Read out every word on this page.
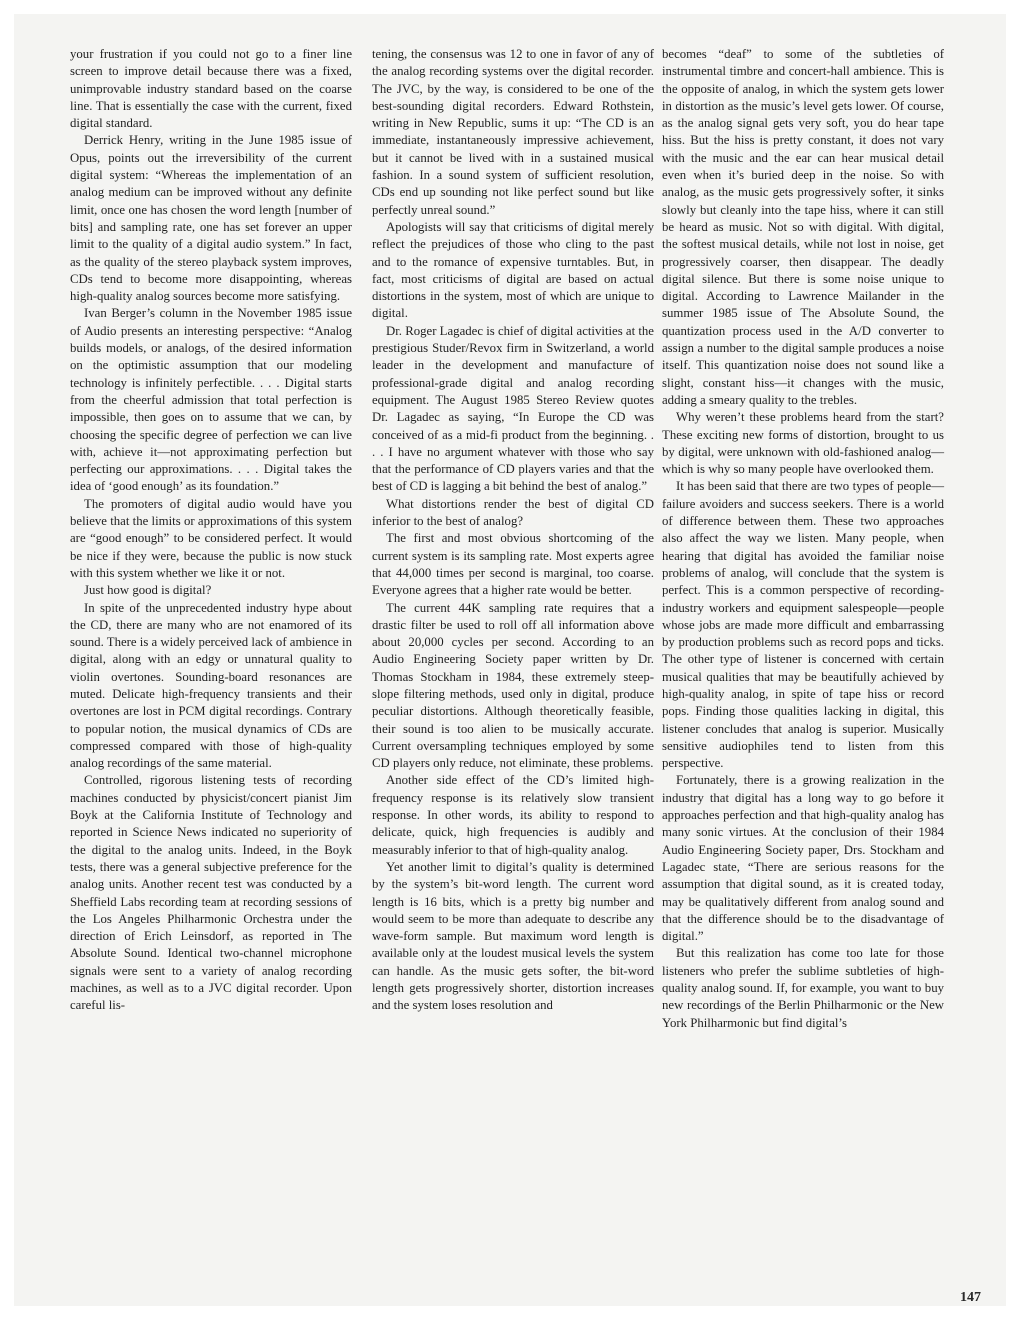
your frustration if you could not go to a finer line screen to improve detail because there was a fixed, unimprovable industry standard based on the coarse line. That is essentially the case with the current, fixed digital standard.

Derrick Henry, writing in the June 1985 issue of Opus, points out the irreversibility of the current digital system: “Whereas the implementation of an analog medium can be improved without any definite limit, once one has chosen the word length [number of bits] and sampling rate, one has set forever an upper limit to the quality of a digital audio system.” In fact, as the quality of the stereo playback system improves, CDs tend to become more disappointing, whereas high-quality analog sources become more satisfying.

Ivan Berger’s column in the November 1985 issue of Audio presents an interesting perspective: “Analog builds models, or analogs, of the desired information on the optimistic assumption that our modeling technology is infinitely perfectible. . . . Digital starts from the cheerful admission that total perfection is impossible, then goes on to assume that we can, by choosing the specific degree of perfection we can live with, achieve it—not approximating perfection but perfecting our approximations. . . . Digital takes the idea of ‘good enough’ as its foundation.”

The promoters of digital audio would have you believe that the limits or approximations of this system are “good enough” to be considered perfect. It would be nice if they were, because the public is now stuck with this system whether we like it or not.

Just how good is digital?

In spite of the unprecedented industry hype about the CD, there are many who are not enamored of its sound. There is a widely perceived lack of ambience in digital, along with an edgy or unnatural quality to violin overtones. Sounding-board resonances are muted. Delicate high-frequency transients and their overtones are lost in PCM digital recordings. Contrary to popular notion, the musical dynamics of CDs are compressed compared with those of high-quality analog recordings of the same material.

Controlled, rigorous listening tests of recording machines conducted by physicist/concert pianist Jim Boyk at the California Institute of Technology and reported in Science News indicated no superiority of the digital to the analog units. Indeed, in the Boyk tests, there was a general subjective preference for the analog units. Another recent test was conducted by a Sheffield Labs recording team at recording sessions of the Los Angeles Philharmonic Orchestra under the direction of Erich Leinsdorf, as reported in The Absolute Sound. Identical two-channel microphone signals were sent to a variety of analog recording machines, as well as to a JVC digital recorder. Upon careful lis-

tening, the consensus was 12 to one in favor of any of the analog recording systems over the digital recorder. The JVC, by the way, is considered to be one of the best-sounding digital recorders. Edward Rothstein, writing in New Republic, sums it up: “The CD is an immediate, instantaneously impressive achievement, but it cannot be lived with in a sustained musical fashion. In a sound system of sufficient resolution, CDs end up sounding not like perfect sound but like perfectly unreal sound.”

Apologists will say that criticisms of digital merely reflect the prejudices of those who cling to the past and to the romance of expensive turntables. But, in fact, most criticisms of digital are based on actual distortions in the system, most of which are unique to digital.

Dr. Roger Lagadec is chief of digital activities at the prestigious Studer/Revox firm in Switzerland, a world leader in the development and manufacture of professional-grade digital and analog recording equipment. The August 1985 Stereo Review quotes Dr. Lagadec as saying, “In Europe the CD was conceived of as a mid-fi product from the beginning. . . . I have no argument whatever with those who say that the performance of CD players varies and that the best of CD is lagging a bit behind the best of analog.”

What distortions render the best of digital CD inferior to the best of analog?

The first and most obvious shortcoming of the current system is its sampling rate. Most experts agree that 44,000 times per second is marginal, too coarse. Everyone agrees that a higher rate would be better.

The current 44K sampling rate requires that a drastic filter be used to roll off all information above about 20,000 cycles per second. According to an Audio Engineering Society paper written by Dr. Thomas Stockham in 1984, these extremely steep-slope filtering methods, used only in digital, produce peculiar distortions. Although theoretically feasible, their sound is too alien to be musically accurate. Current oversampling techniques employed by some CD players only reduce, not eliminate, these problems.

Another side effect of the CD’s limited high-frequency response is its relatively slow transient response. In other words, its ability to respond to delicate, quick, high frequencies is audibly and measurably inferior to that of high-quality analog.

Yet another limit to digital’s quality is determined by the system’s bit-word length. The current word length is 16 bits, which is a pretty big number and would seem to be more than adequate to describe any wave-form sample. But maximum word length is available only at the loudest musical levels the system can handle. As the music gets softer, the bit-word length gets progressively shorter, distortion increases and the system loses resolution and

becomes “deaf” to some of the subtleties of instrumental timbre and concert-hall ambience. This is the opposite of analog, in which the system gets lower in distortion as the music’s level gets lower. Of course, as the analog signal gets very soft, you do hear tape hiss. But the hiss is pretty constant, it does not vary with the music and the ear can hear musical detail even when it’s buried deep in the noise. So with analog, as the music gets progressively softer, it sinks slowly but cleanly into the tape hiss, where it can still be heard as music. Not so with digital. With digital, the softest musical details, while not lost in noise, get progressively coarser, then disappear. The deadly digital silence. But there is some noise unique to digital. According to Lawrence Mailander in the summer 1985 issue of The Absolute Sound, the quantization process used in the A/D converter to assign a number to the digital sample produces a noise itself. This quantization noise does not sound like a slight, constant hiss—it changes with the music, adding a smeary quality to the trebles.

Why weren’t these problems heard from the start? These exciting new forms of distortion, brought to us by digital, were unknown with old-fashioned analog—which is why so many people have overlooked them.

It has been said that there are two types of people—failure avoiders and success seekers. There is a world of difference between them. These two approaches also affect the way we listen. Many people, when hearing that digital has avoided the familiar noise problems of analog, will conclude that the system is perfect. This is a common perspective of recording-industry workers and equipment salespeople—people whose jobs are made more difficult and embarrassing by production problems such as record pops and ticks. The other type of listener is concerned with certain musical qualities that may be beautifully achieved by high-quality analog, in spite of tape hiss or record pops. Finding those qualities lacking in digital, this listener concludes that analog is superior. Musically sensitive audiophiles tend to listen from this perspective.

Fortunately, there is a growing realization in the industry that digital has a long way to go before it approaches perfection and that high-quality analog has many sonic virtues. At the conclusion of their 1984 Audio Engineering Society paper, Drs. Stockham and Lagadec state, “There are serious reasons for the assumption that digital sound, as it is created today, may be qualitatively different from analog sound and that the difference should be to the disadvantage of digital.”

But this realization has come too late for those listeners who prefer the sublime subtleties of high-quality analog sound. If, for example, you want to buy new recordings of the Berlin Philharmonic or the New York Philharmonic but find digital’s

147
